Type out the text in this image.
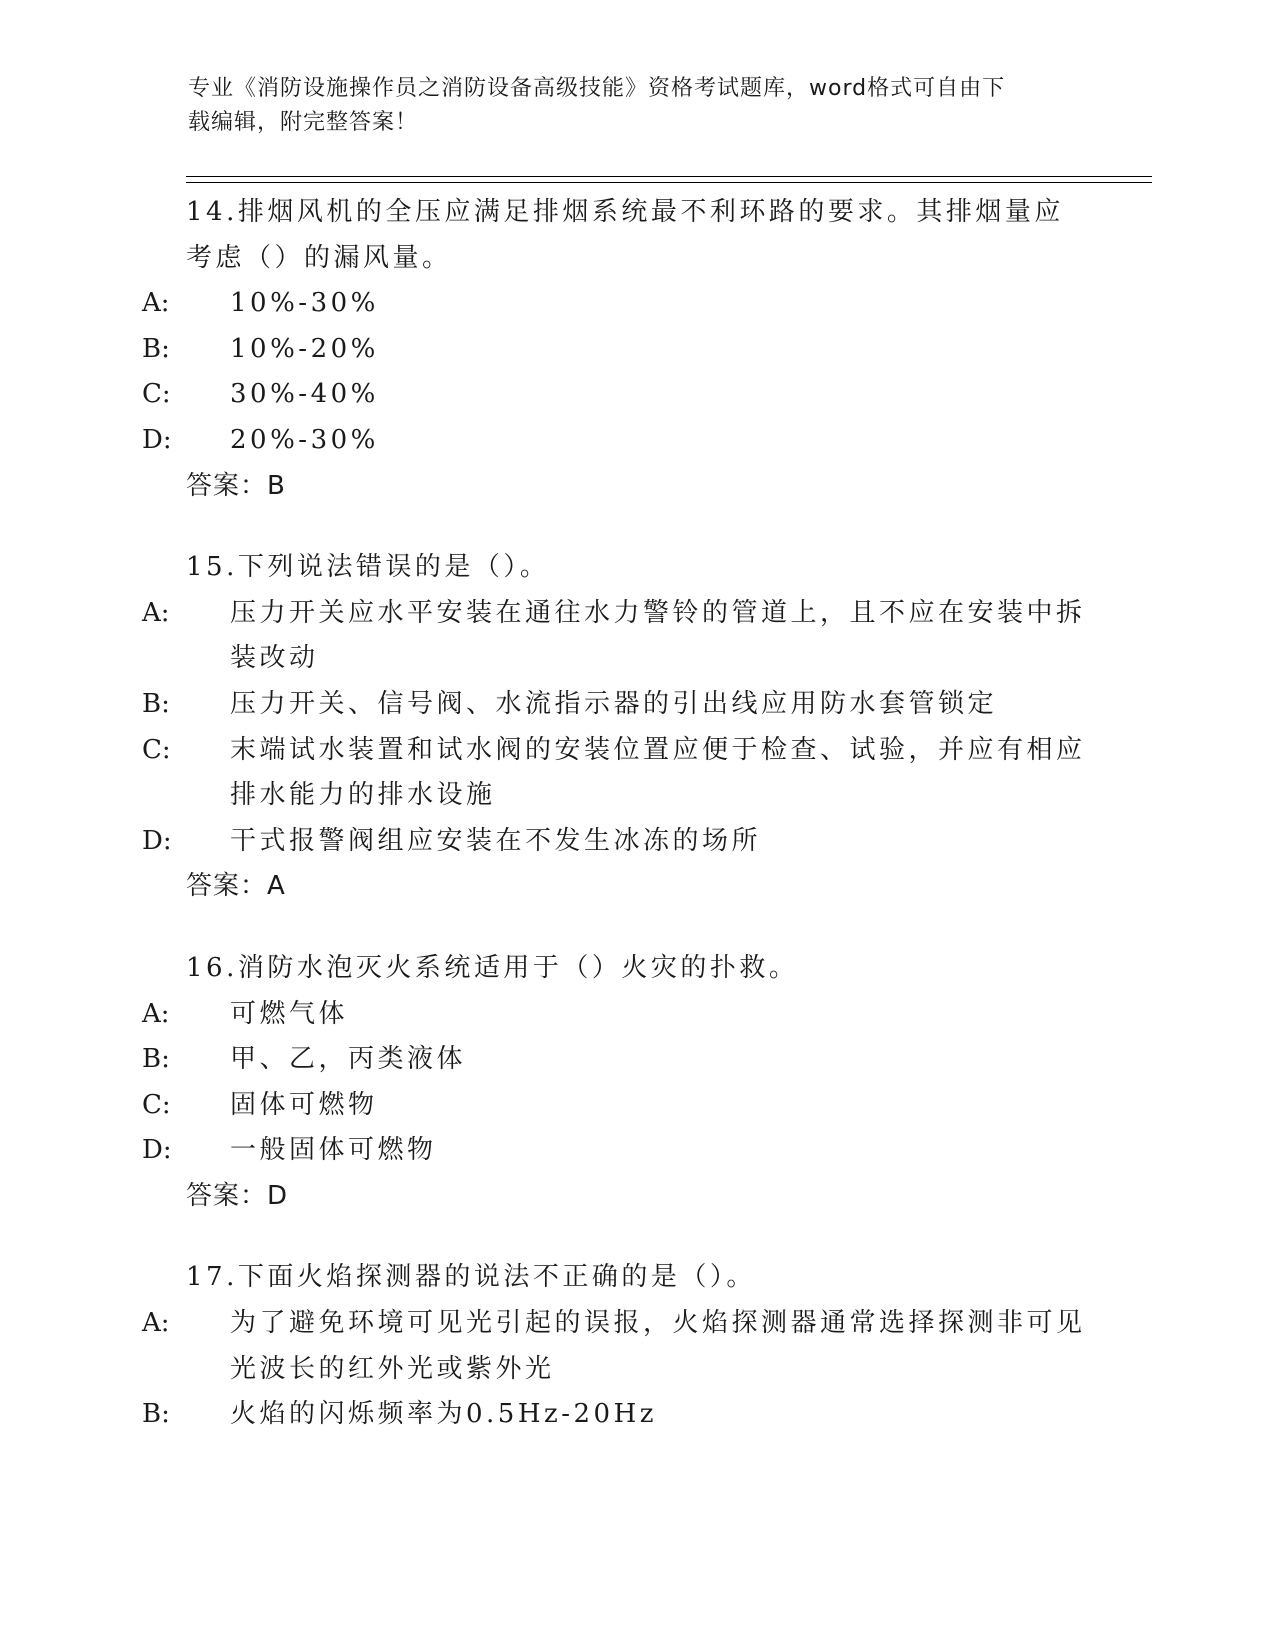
专业《消防设施操作员之消防设备高级技能》资格考试题库，word格式可自由下
载编辑，附完整答案！

14.排烟风机的全压应满足排烟系统最不利环路的要求。其排烟量应考虑（）的漏风量。

A: 10%-30%

B: 10%-20%

C: 30%-40%

D: 20%-30%

答案：B

15.下列说法错误的是（）。

A: 压力开关应水平安装在通往水力警铃的管道上，且不应在安装中拆装改动

B: 压力开关、信号阀、水流指示器的引出线应用防水套管锁定

C: 末端试水装置和试水阀的安装位置应便于检查、试验，并应有相应排水能力的排水设施

D: 干式报警阀组应安装在不发生冰冻的场所

答案：A

16.消防水泡灭火系统适用于（）火灾的扑救。

A: 可燃气体

B: 甲、乙，丙类液体

C: 固体可燃物

D: 一般固体可燃物

答案：D

17.下面火焰探测器的说法不正确的是（）。

A: 为了避免环境可见光引起的误报，火焰探测器通常选择探测非可见光波长的红外光或紫外光

B: 火焰的闪烁频率为0.5Hz-20Hz
